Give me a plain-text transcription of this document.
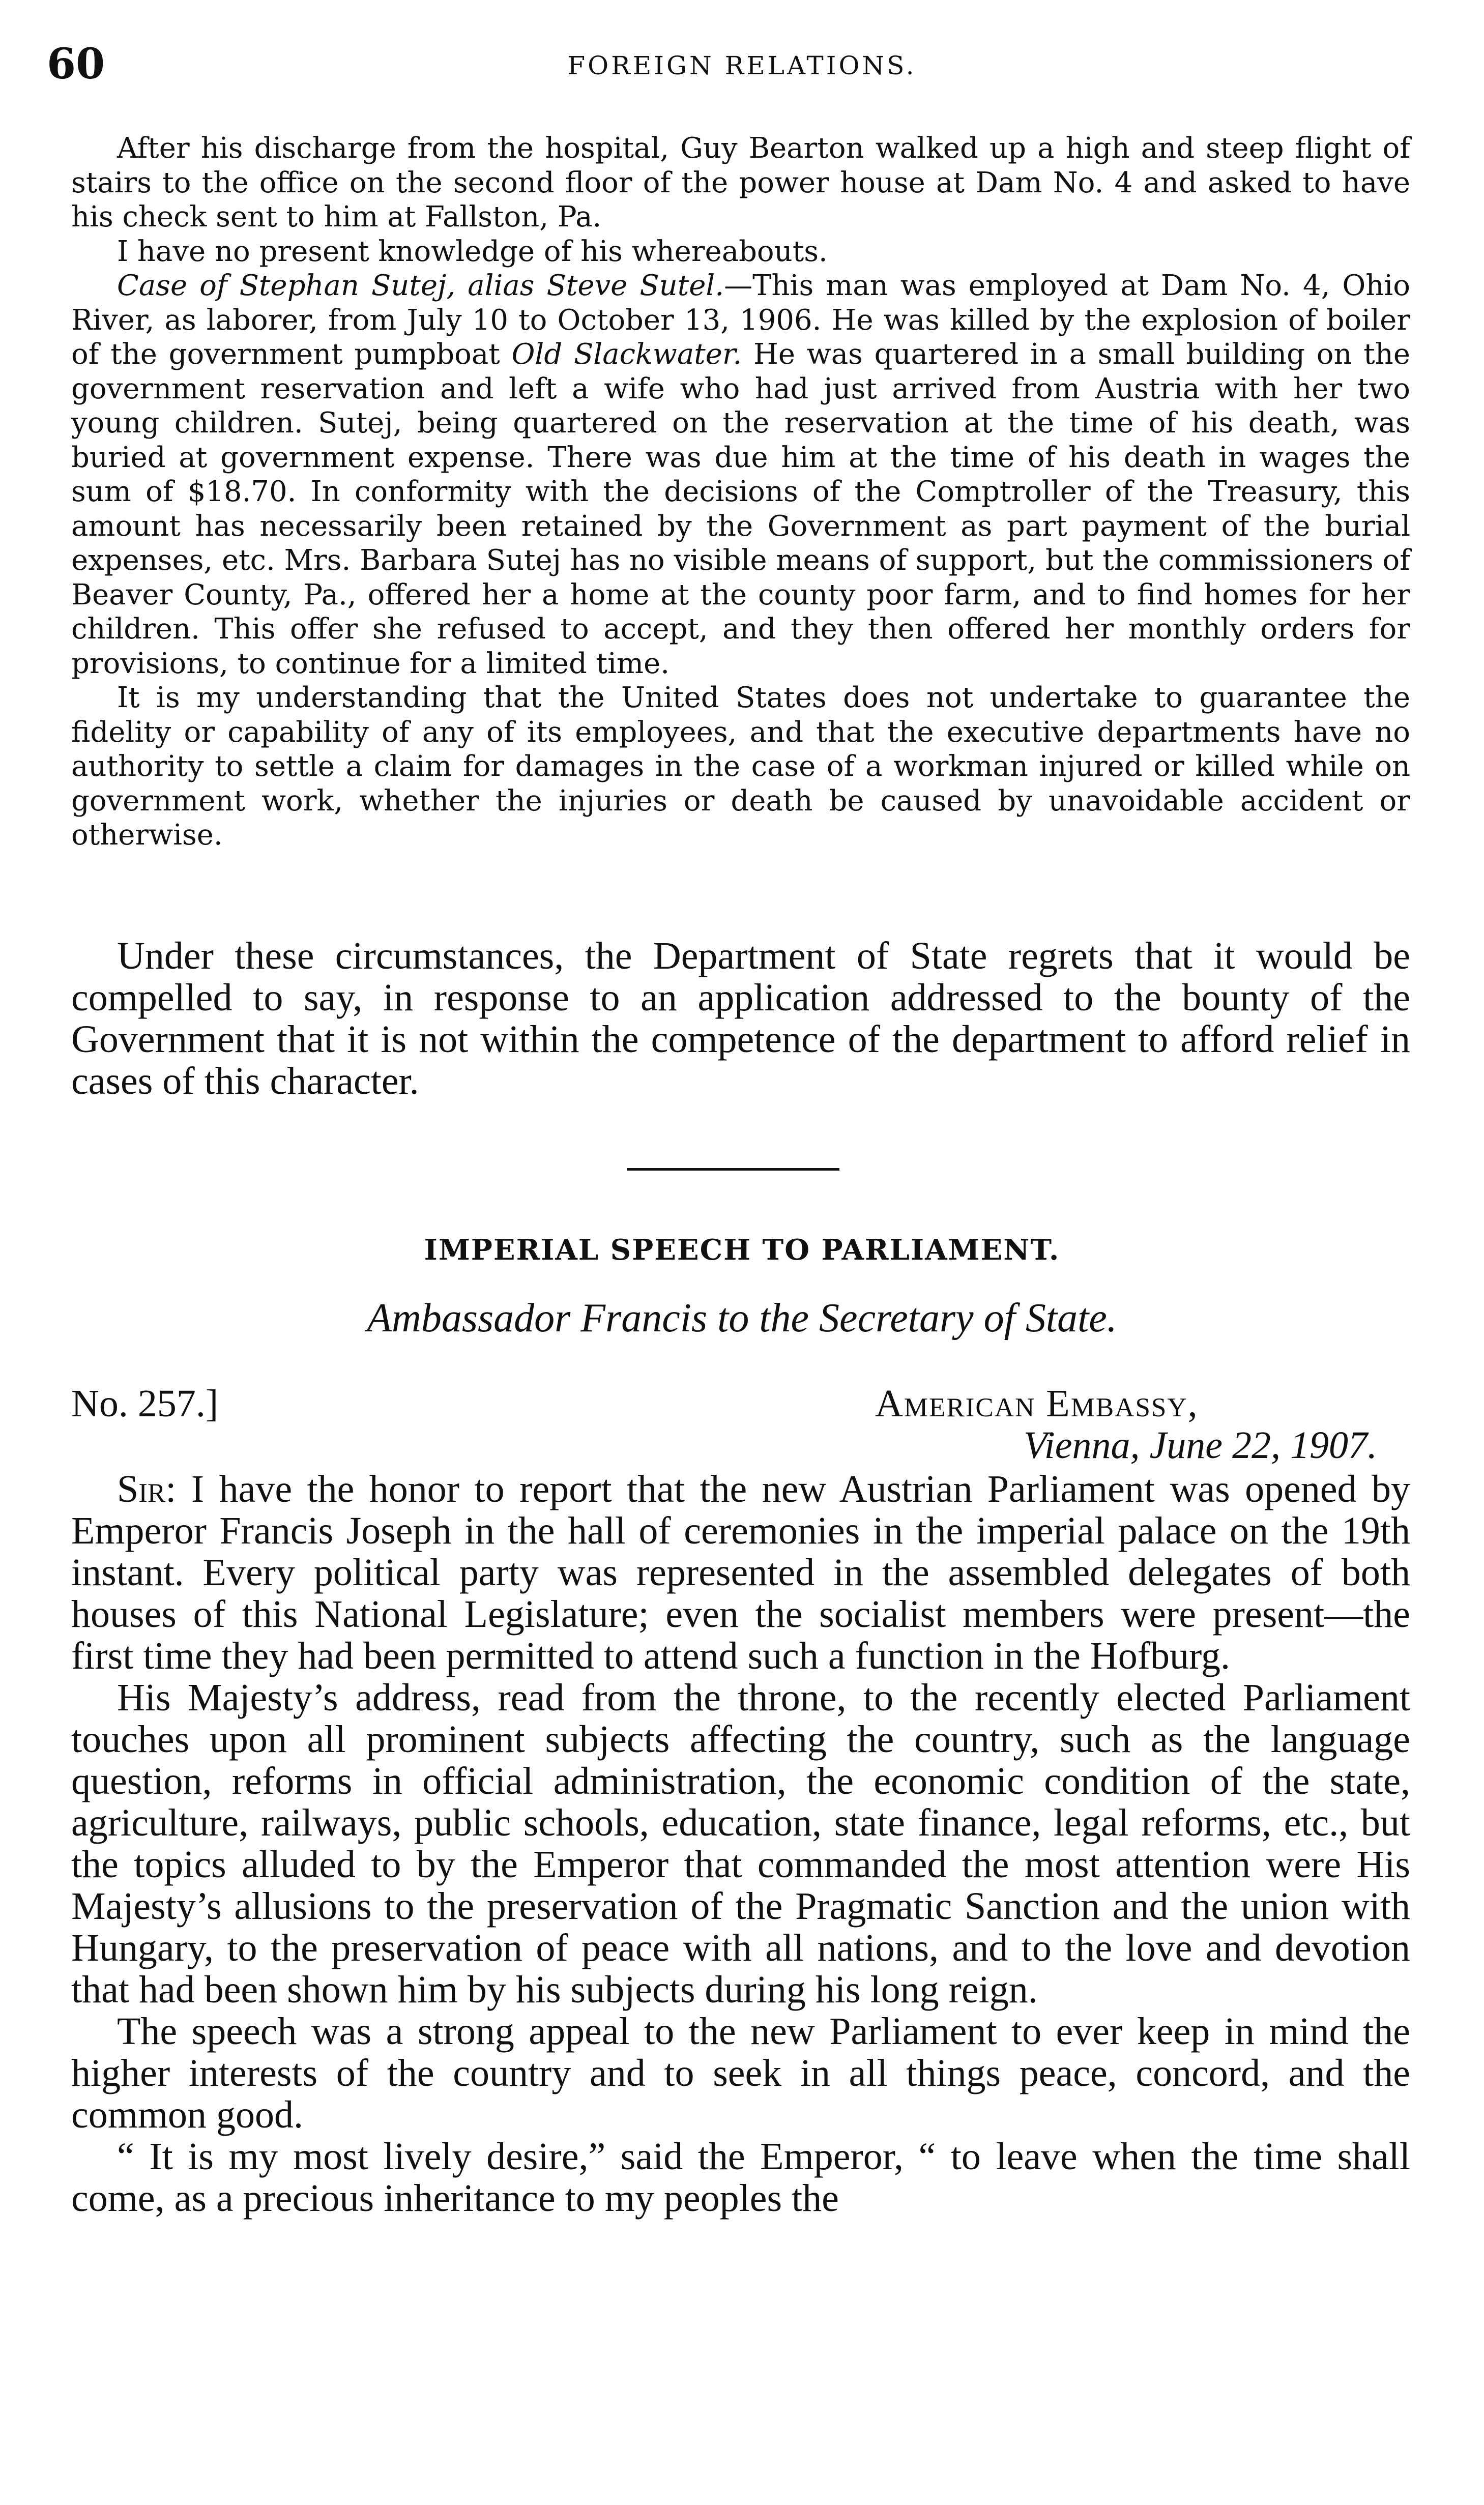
60	FOREIGN RELATIONS.

After his discharge from the hospital, Guy Bearton walked up a high and steep flight of stairs to the office on the second floor of the power house at Dam No. 4 and asked to have his check sent to him at Fallston, Pa.

I have no present knowledge of his whereabouts.

Case of Stephan Sutej, alias Steve Sutel.—This man was employed at Dam No. 4, Ohio River, as laborer, from July 10 to October 13, 1906. He was killed by the explosion of boiler of the government pumpboat Old Slackwater. He was quartered in a small building on the government reservation and left a wife who had just arrived from Austria with her two young children. Sutej, being quartered on the reservation at the time of his death, was buried at government expense. There was due him at the time of his death in wages the sum of $18.70. In conformity with the decisions of the Comptroller of the Treasury, this amount has necessarily been retained by the Government as part payment of the burial expenses, etc. Mrs. Barbara Sutej has no visible means of support, but the commissioners of Beaver County, Pa., offered her a home at the county poor farm, and to find homes for her children. This offer she refused to accept, and they then offered her monthly orders for provisions, to continue for a limited time.

It is my understanding that the United States does not undertake to guarantee the fidelity or capability of any of its employees, and that the executive departments have no authority to settle a claim for damages in the case of a workman injured or killed while on government work, whether the injuries or death be caused by unavoidable accident or otherwise.

Under these circumstances, the Department of State regrets that it would be compelled to say, in response to an application addressed to the bounty of the Government that it is not within the competence of the department to afford relief in cases of this character.

IMPERIAL SPEECH TO PARLIAMENT.
Ambassador Francis to the Secretary of State.
No. 257.]	American Embassy,
Vienna, June 22, 1907.

Sir: I have the honor to report that the new Austrian Parliament was opened by Emperor Francis Joseph in the hall of ceremonies in the imperial palace on the 19th instant. Every political party was represented in the assembled delegates of both houses of this National Legislature; even the socialist members were present—the first time they had been permitted to attend such a function in the Hofburg.

His Majesty’s address, read from the throne, to the recently elected Parliament touches upon all prominent subjects affecting the country, such as the language question, reforms in official administration, the economic condition of the state, agriculture, railways, public schools, education, state finance, legal reforms, etc., but the topics alluded to by the Emperor that commanded the most attention were His Majesty’s allusions to the preservation of the Pragmatic Sanction and the union with Hungary, to the preservation of peace with all nations, and to the love and devotion that had been shown him by his subjects during his long reign.

The speech was a strong appeal to the new Parliament to ever keep in mind the higher interests of the country and to seek in all things peace, concord, and the common good.

“ It is my most lively desire,” said the Emperor, “ to leave when the time shall come, as a precious inheritance to my peoples the
